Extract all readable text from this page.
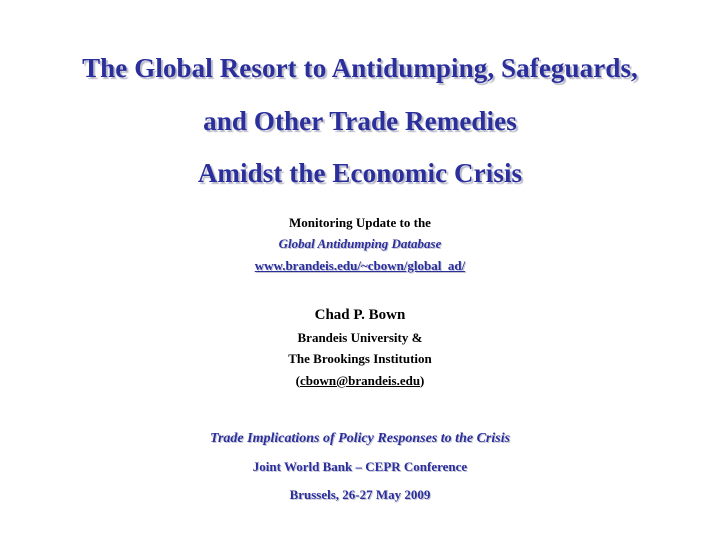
The Global Resort to Antidumping, Safeguards,
and Other Trade Remedies
Amidst the Economic Crisis
Monitoring Update to the
Global Antidumping Database
www.brandeis.edu/~cbown/global_ad/
Chad P. Bown
Brandeis University &
The Brookings Institution
(cbown@brandeis.edu)
Trade Implications of Policy Responses to the Crisis
Joint World Bank – CEPR Conference
Brussels, 26-27 May 2009
